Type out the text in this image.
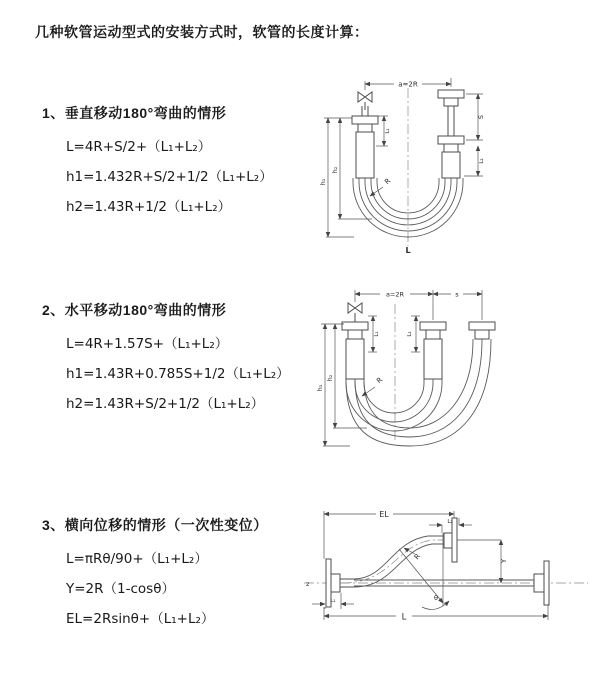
几种软管运动型式的安装方式时，软管的长度计算：
1、垂直移动180°弯曲的情形
L=4R+S/2+（L₁+L₂）
h1=1.432R+S/2+1/2（L₁+L₂）
h2=1.43R+1/2（L₁+L₂）
a=2R
h₁
h₂
L₁
S
L₂
R
L
2、水平移动180°弯曲的情形
L=4R+1.57S+（L₁+L₂）
h1=1.43R+0.785S+1/2（L₁+L₂）
h2=1.43R+S/2+1/2（L₁+L₂）
a=2R	s
h₁
h₂
L₁	L₂
R
3、横向位移的情形（一次性变位）
L=πRθ/90+（L₁+L₂）
Y=2R（1-cosθ）
EL=2Rsinθ+（L₁+L₂）
z
EL
L₂
Y
θ
R
L
L₁
